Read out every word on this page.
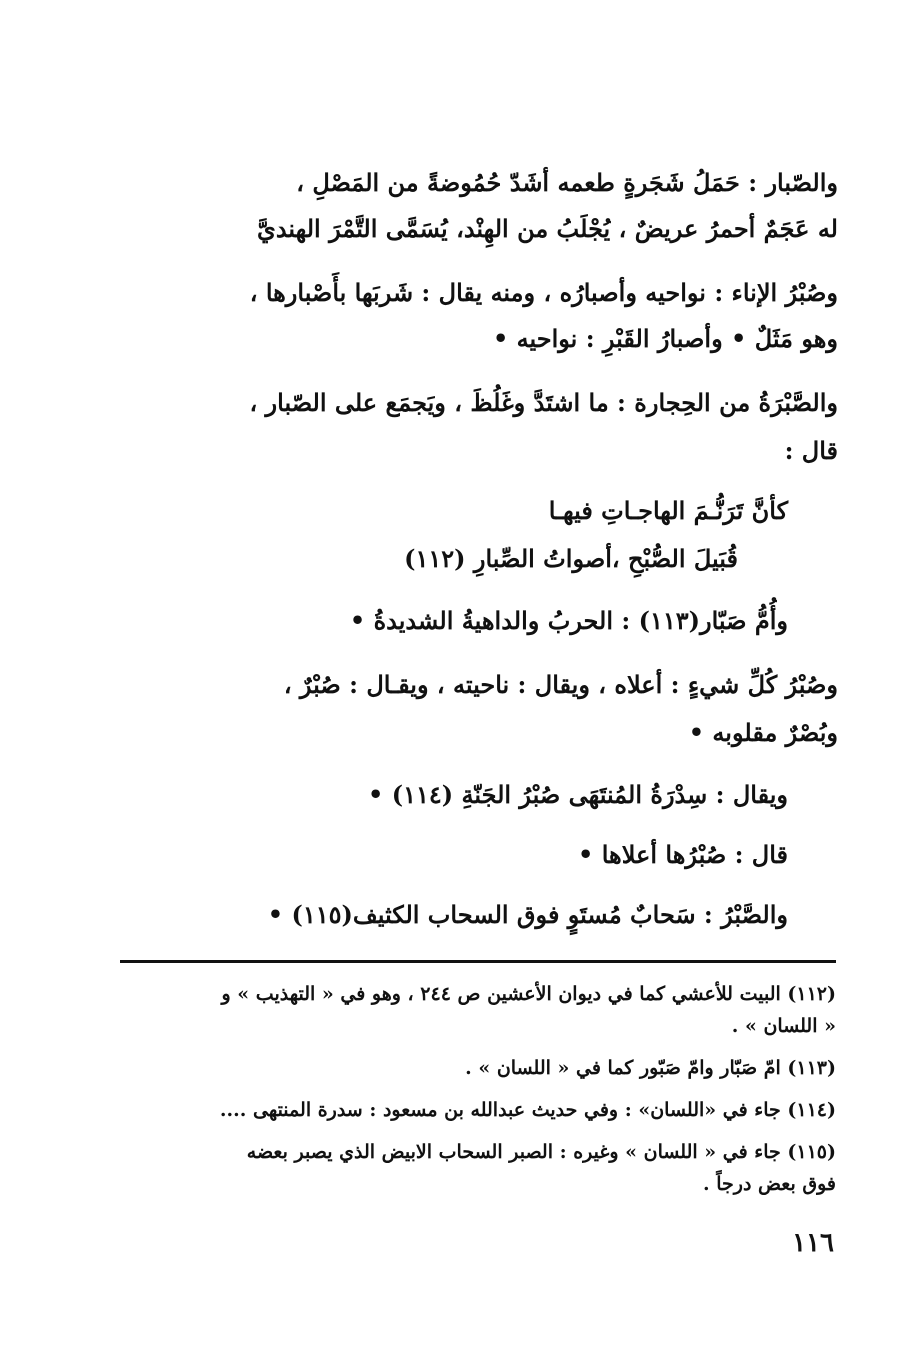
والصّبار : حَمَلُ شَجَرةٍ طعمه أشَدّ حُمُوضةً من المَصْلِ ،
له عَجَمٌ أحمرُ عريضٌ ، يُجْلَبُ من الهِنْد، يُسَمَّى التَّمْرَ الهنديَّ
وصُبْرُ الإناء : نواحيه وأصبارُه ، ومنه يقال : شَربَها بأَصْبارها ،
وهو مَثَلٌ • وأصبارُ القَبْرِ : نواحيه •
والصَّبْرَةُ من الحِجارة : ما اشتَدَّ وغَلُظَ ، ويَجمَع على الصّبار ،
قال :
كأنَّ تَرَنُّـمَ الهاجـاتِ فيهـا
قُبَيلَ الصُّبْحِ ،أصواتُ الصِّبارِ (١١٢)
وأُمُّ صَبّار(١١٣) : الحربُ والداهيةُ الشديدةُ •
وصُبْرُ كُلِّ شيءٍ : أعلاه ، ويقال : ناحيته ، ويقـال : صُبْرٌ ،
وبُصْرٌ مقلوبه •
ويقال : سِدْرَةُ المُنتَهَى صُبْرُ الجَنّةِ (١١٤) •
قال : صُبْرُها أعلاها •
والصَّبْرُ : سَحابٌ مُستَوٍ فوق السحاب الكثيف(١١٥) •
(١١٢) البيت للأعشي كما في ديوان الأعشين ص ٢٤٤ ، وهو في « التهذيب » و
« اللسان » .
(١١٣) امّ صَبّار وامّ صَبّور كما في « اللسان » .
(١١٤) جاء في «اللسان» : وفي حديث عبدالله بن مسعود : سدرة المنتهى ....
(١١٥) جاء في « اللسان » وغيره : الصبر السحاب الابيض الذي يصبر بعضه
فوق بعض درجاً .
١١٦
